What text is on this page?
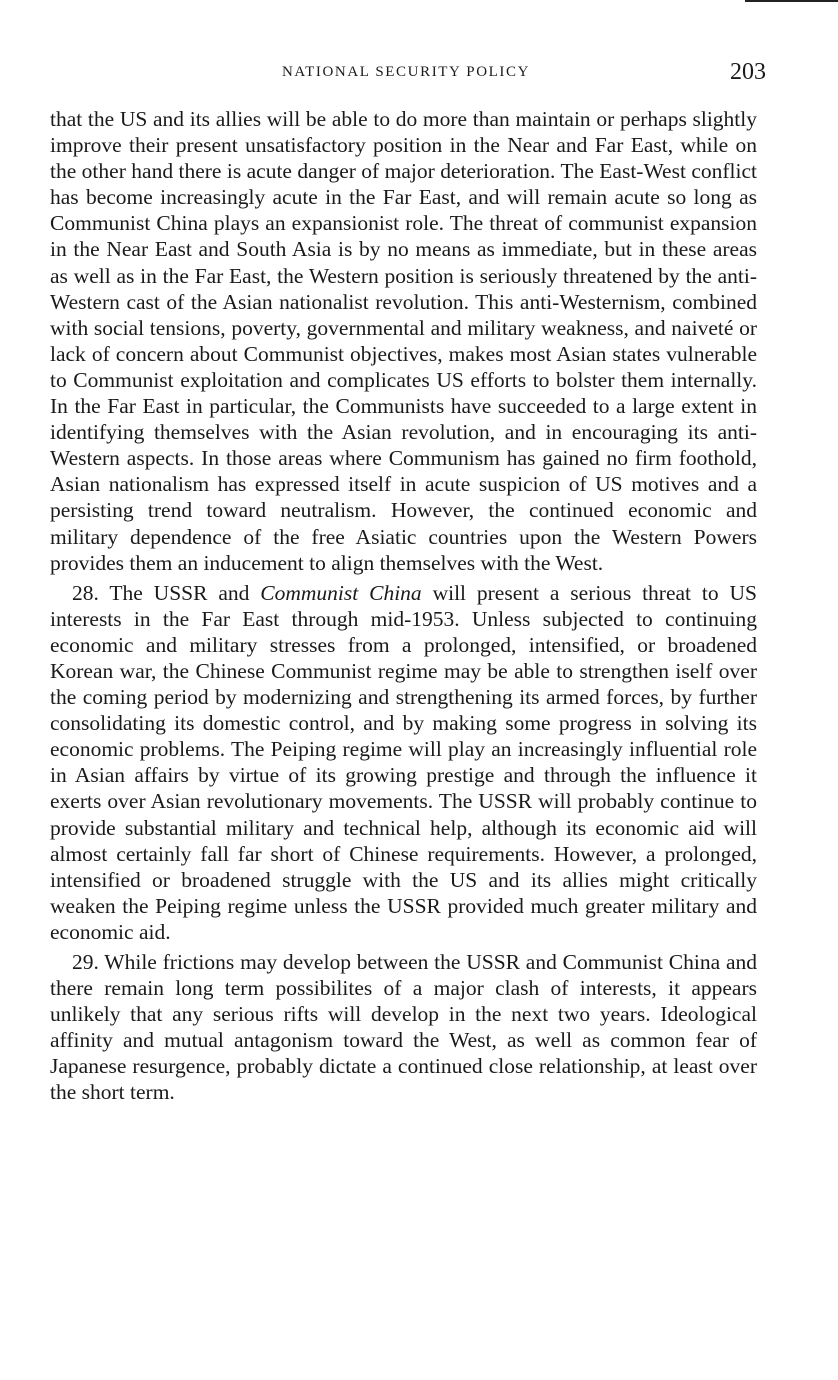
NATIONAL SECURITY POLICY	203

that the US and its allies will be able to do more than maintain or perhaps slightly improve their present unsatisfactory position in the Near and Far East, while on the other hand there is acute danger of major deterioration. The East-West conflict has become increasingly acute in the Far East, and will remain acute so long as Communist China plays an expansionist role. The threat of communist expansion in the Near East and South Asia is by no means as immediate, but in these areas as well as in the Far East, the Western position is seriously threatened by the anti-Western cast of the Asian nationalist revolution. This anti-Westernism, combined with social tensions, poverty, governmental and military weakness, and naiveté or lack of concern about Communist objectives, makes most Asian states vulnerable to Communist exploitation and complicates US efforts to bolster them internally. In the Far East in particular, the Communists have succeeded to a large extent in identifying themselves with the Asian revolution, and in encouraging its anti-Western aspects. In those areas where Communism has gained no firm foothold, Asian nationalism has expressed itself in acute suspicion of US motives and a persisting trend toward neutralism. However, the continued economic and military dependence of the free Asiatic countries upon the Western Powers provides them an inducement to align themselves with the West.

28. The USSR and Communist China will present a serious threat to US interests in the Far East through mid-1953. Unless subjected to continuing economic and military stresses from a prolonged, intensified, or broadened Korean war, the Chinese Communist regime may be able to strengthen iself over the coming period by modernizing and strengthening its armed forces, by further consolidating its domestic control, and by making some progress in solving its economic problems. The Peiping regime will play an increasingly influential role in Asian affairs by virtue of its growing prestige and through the influence it exerts over Asian revolutionary movements. The USSR will probably continue to provide substantial military and technical help, although its economic aid will almost certainly fall far short of Chinese requirements. However, a prolonged, intensified or broadened struggle with the US and its allies might critically weaken the Peiping regime unless the USSR provided much greater military and economic aid.

29. While frictions may develop between the USSR and Communist China and there remain long term possibilites of a major clash of interests, it appears unlikely that any serious rifts will develop in the next two years. Ideological affinity and mutual antagonism toward the West, as well as common fear of Japanese resurgence, probably dictate a continued close relationship, at least over the short term.
